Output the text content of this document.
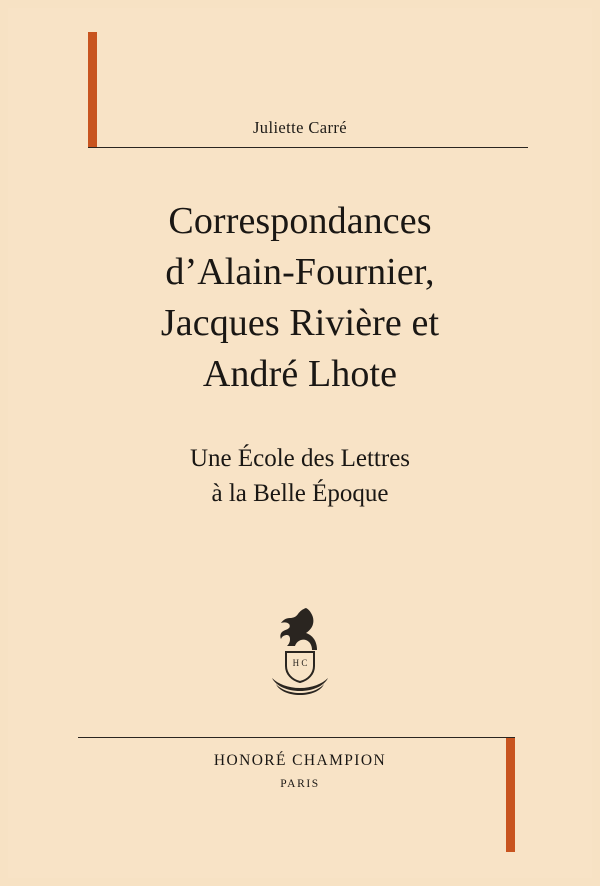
Juliette Carré
Correspondances
d’Alain-Fournier,
Jacques Rivière et
André Lhote
Une École des Lettres
à la Belle Époque
H C
HONORÉ CHAMPION
PARIS
